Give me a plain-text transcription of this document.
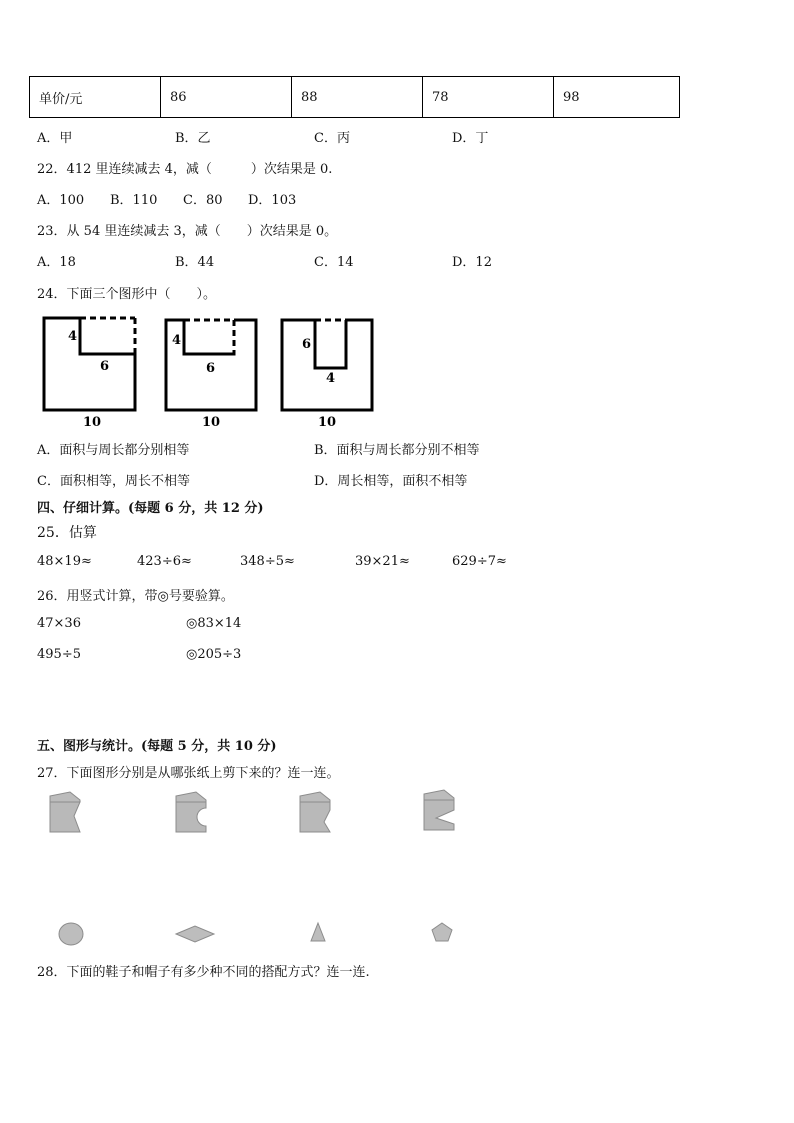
单价/元	86	88	78	98
A．甲	B．乙	C．丙	D．丁
22．412 里连续减去 4，减（　　　）次结果是 0.
A．100 B．110 C．80 D．103
23．从 54 里连续减去 3，减（　　）次结果是 0。
A．18	B．44	C．14	D．12
24．下面三个图形中（　　）。
4
6
10
4
6
10
6
4
10
A．面积与周长都分别相等	B．面积与周长都分别不相等
C．面积相等，周长不相等	D．周长相等，面积不相等
四、仔细计算。(每题 6 分，共 12 分)
25．估算
48×19≈	423÷6≈	348÷5≈	39×21≈	629÷7≈
26．用竖式计算，带◎号要验算。
47×36	◎83×14
495÷5	◎205÷3
五、图形与统计。(每题 5 分，共 10 分)
27．下面图形分别是从哪张纸上剪下来的？连一连。
28．下面的鞋子和帽子有多少种不同的搭配方式？连一连.
